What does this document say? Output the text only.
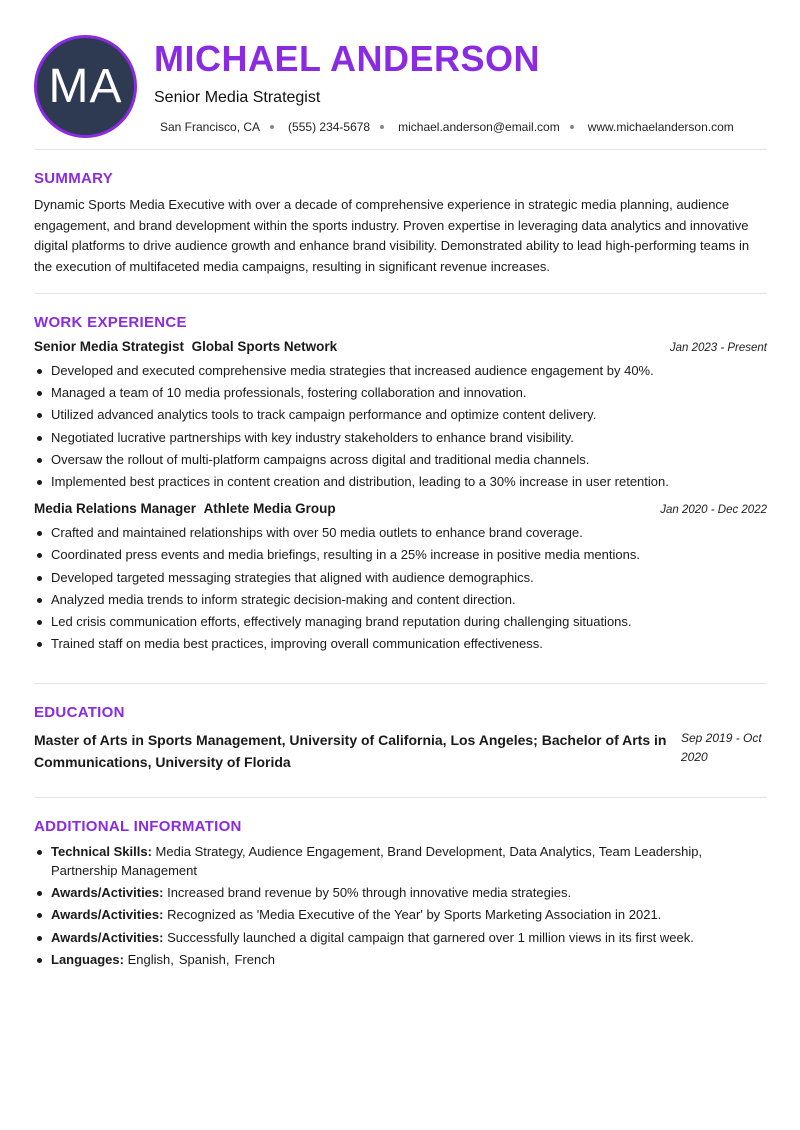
MA
MICHAEL ANDERSON
Senior Media Strategist
San Francisco, CA (555) 234-5678 michael.anderson@email.com www.michaelanderson.com
SUMMARY

Dynamic Sports Media Executive with over a decade of comprehensive experience in strategic media planning, audience engagement, and brand development within the sports industry. Proven expertise in leveraging data analytics and innovative digital platforms to drive audience growth and enhance brand visibility. Demonstrated ability to lead high-performing teams in the execution of multifaceted media campaigns, resulting in significant revenue increases.

WORK EXPERIENCE
Senior Media Strategist Global Sports Network	Jan 2023 - Present
Developed and executed comprehensive media strategies that increased audience engagement by 40%.
Managed a team of 10 media professionals, fostering collaboration and innovation.
Utilized advanced analytics tools to track campaign performance and optimize content delivery.
Negotiated lucrative partnerships with key industry stakeholders to enhance brand visibility.
Oversaw the rollout of multi-platform campaigns across digital and traditional media channels.
Implemented best practices in content creation and distribution, leading to a 30% increase in user retention.
Media Relations Manager Athlete Media Group	Jan 2020 - Dec 2022
Crafted and maintained relationships with over 50 media outlets to enhance brand coverage.
Coordinated press events and media briefings, resulting in a 25% increase in positive media mentions.
Developed targeted messaging strategies that aligned with audience demographics.
Analyzed media trends to inform strategic decision-making and content direction.
Led crisis communication efforts, effectively managing brand reputation during challenging situations.
Trained staff on media best practices, improving overall communication effectiveness.
EDUCATION
Master of Arts in Sports Management, University of California, Los Angeles; Bachelor of Arts in Communications, University of Florida
Sep 2019 - Oct 2020
ADDITIONAL INFORMATION
Technical Skills: Media Strategy, Audience Engagement, Brand Development, Data Analytics, Team Leadership, Partnership Management
Awards/Activities: Increased brand revenue by 50% through innovative media strategies.
Awards/Activities: Recognized as 'Media Executive of the Year' by Sports Marketing Association in 2021.
Awards/Activities: Successfully launched a digital campaign that garnered over 1 million views in its first week.
Languages: English, Spanish, French
